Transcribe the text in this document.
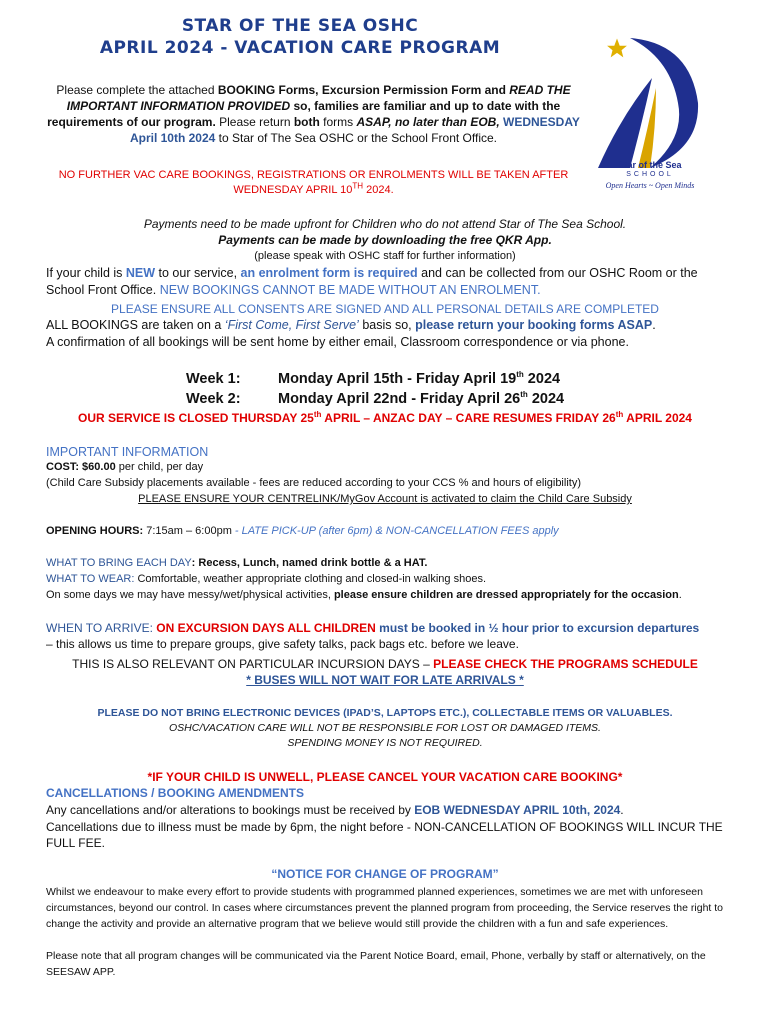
STAR OF THE SEA OSHC
APRIL 2024 - VACATION CARE PROGRAM
Star of the Sea
SCHOOL
Open Hearts ~ Open Minds
Please complete the attached BOOKING Forms, Excursion Permission Form and READ THE IMPORTANT INFORMATION PROVIDED so, families are familiar and up to date with the requirements of our program. Please return both forms ASAP, no later than EOB, WEDNESDAY April 10th 2024 to Star of The Sea OSHC or the School Front Office.
NO FURTHER VAC CARE BOOKINGS, REGISTRATIONS OR ENROLMENTS WILL BE TAKEN AFTER
WEDNESDAY APRIL 10TH 2024.
Payments need to be made upfront for Children who do not attend Star of The Sea School.
Payments can be made by downloading the free QKR App.
(please speak with OSHC staff for further information)
If your child is NEW to our service, an enrolment form is required and can be collected from our OSHC Room or the School Front Office. NEW BOOKINGS CANNOT BE MADE WITHOUT AN ENROLMENT.
PLEASE ENSURE ALL CONSENTS ARE SIGNED AND ALL PERSONAL DETAILS ARE COMPLETED
ALL BOOKINGS are taken on a ‘First Come, First Serve’ basis so, please return your booking forms ASAP.
A confirmation of all bookings will be sent home by either email, Classroom correspondence or via phone.
Week 1:	Monday April 15th - Friday April 19th 2024
Week 2:	Monday April 22nd - Friday April 26th 2024
OUR SERVICE IS CLOSED THURSDAY 25th APRIL – ANZAC DAY – CARE RESUMES FRIDAY 26th APRIL 2024
IMPORTANT INFORMATION
COST: $60.00 per child, per day
(Child Care Subsidy placements available - fees are reduced according to your CCS % and hours of eligibility)
PLEASE ENSURE YOUR CENTRELINK/MyGov Account is activated to claim the Child Care Subsidy
OPENING HOURS: 7:15am – 6:00pm - LATE PICK-UP (after 6pm) & NON-CANCELLATION FEES apply
WHAT TO BRING EACH DAY: Recess, Lunch, named drink bottle & a HAT.
WHAT TO WEAR: Comfortable, weather appropriate clothing and closed-in walking shoes.
On some days we may have messy/wet/physical activities, please ensure children are dressed appropriately for the occasion.
WHEN TO ARRIVE: ON EXCURSION DAYS ALL CHILDREN must be booked in ½ hour prior to excursion departures – this allows us time to prepare groups, give safety talks, pack bags etc. before we leave.
THIS IS ALSO RELEVANT ON PARTICULAR INCURSION DAYS – PLEASE CHECK THE PROGRAMS SCHEDULE
* BUSES WILL NOT WAIT FOR LATE ARRIVALS *
PLEASE DO NOT BRING ELECTRONIC DEVICES (IPAD’S, LAPTOPS ETC.), COLLECTABLE ITEMS OR VALUABLES.
OSHC/VACATION CARE WILL NOT BE RESPONSIBLE FOR LOST OR DAMAGED ITEMS.
SPENDING MONEY IS NOT REQUIRED.
*IF YOUR CHILD IS UNWELL, PLEASE CANCEL YOUR VACATION CARE BOOKING*
CANCELLATIONS / BOOKING AMENDMENTS
Any cancellations and/or alterations to bookings must be received by EOB WEDNESDAY APRIL 10th, 2024.
Cancellations due to illness must be made by 6pm, the night before - NON-CANCELLATION OF BOOKINGS WILL INCUR THE FULL FEE.
“NOTICE FOR CHANGE OF PROGRAM”
Whilst we endeavour to make every effort to provide students with programmed planned experiences, sometimes we are met with unforeseen circumstances, beyond our control. In cases where circumstances prevent the planned program from proceeding, the Service reserves the right to change the activity and provide an alternative program that we believe would still provide the children with a fun and safe experiences.
Please note that all program changes will be communicated via the Parent Notice Board, email, Phone, verbally by staff or alternatively, on the SEESAW APP.
